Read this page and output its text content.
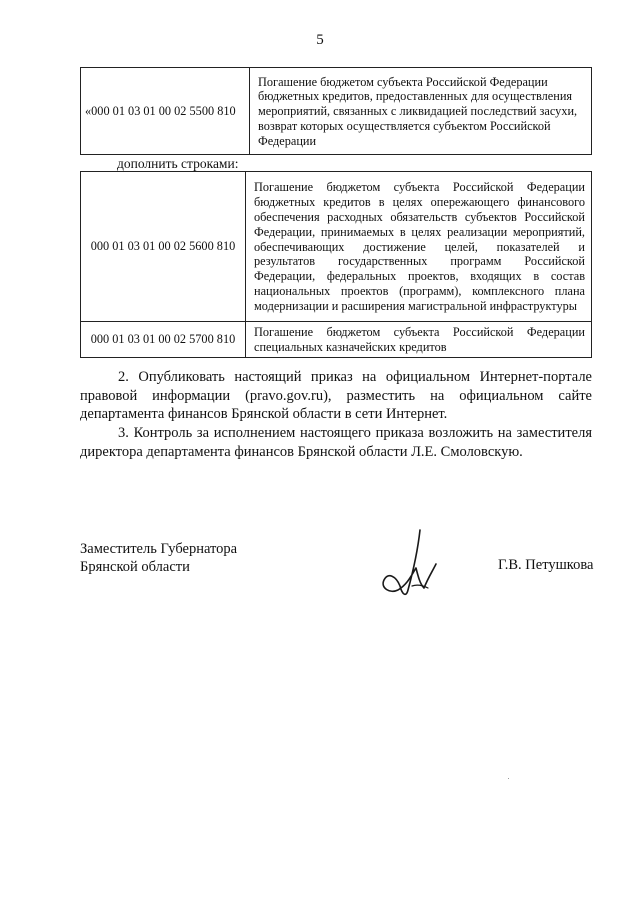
5
«000 01 03 01 00 02 5500 810	Погашение бюджетом субъекта Российской Федерации бюджетных кредитов, предоставленных для осуществления мероприятий, связанных с ликвидацией последствий засухи, возврат которых осуществляется субъектом Российской Федерации
дополнить строками:
000 01 03 01 00 02 5600 810	Погашение бюджетом субъекта Российской Федерации бюджетных кредитов в целях опережающего финансового обеспечения расходных обязательств субъектов Российской Федерации, принимаемых в целях реализации мероприятий, обеспечивающих достижение целей, показателей и результатов государственных программ Российской Федерации, федеральных проектов, входящих в состав национальных проектов (программ), комплексного плана модернизации и расширения магистральной инфраструктуры
000 01 03 01 00 02 5700 810	Погашение бюджетом субъекта Российской Федерации специальных казначейских кредитов
2. Опубликовать настоящий приказ на официальном Интернет-портале правовой информации (pravo.gov.ru), разместить на официальном сайте департамента финансов Брянской области в сети Интернет.
3. Контроль за исполнением настоящего приказа возложить на заместителя директора департамента финансов Брянской области Л.Е. Смоловскую.
Заместитель Губернатора
Брянской области	Г.В. Петушкова
